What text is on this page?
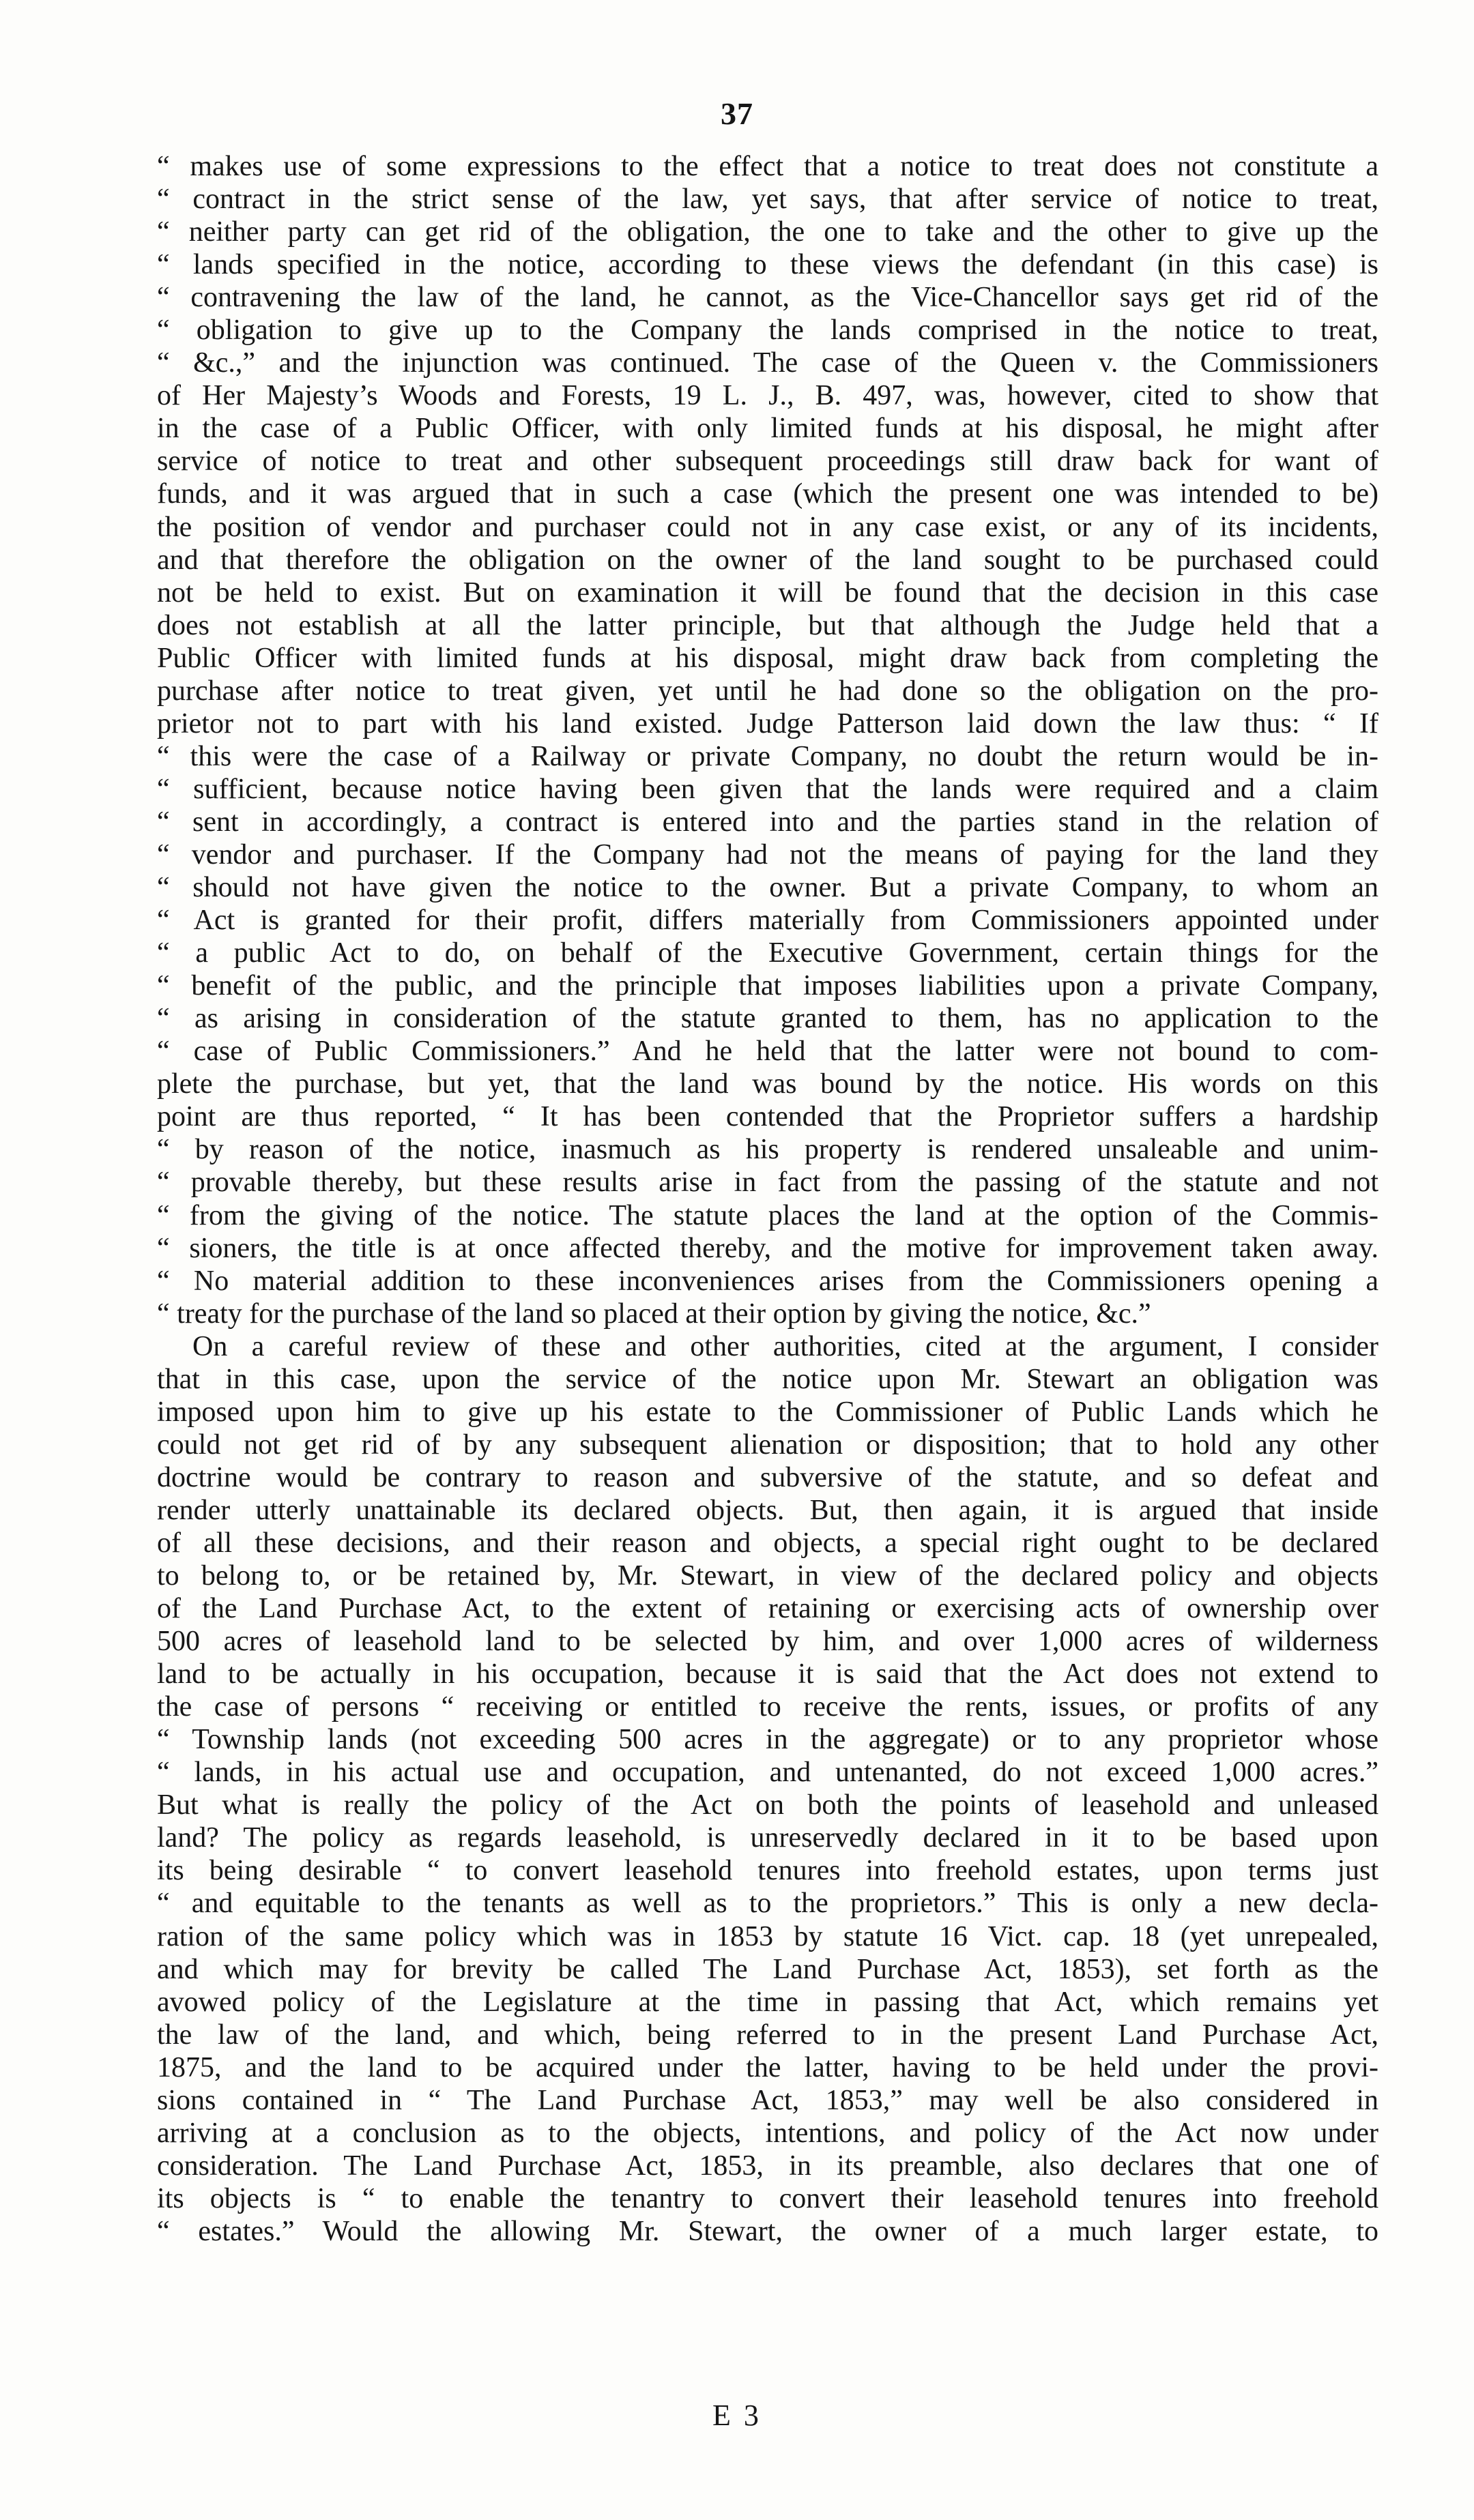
37
“ makes use of some expressions to the effect that a notice to treat does not constitute a
“ contract in the strict sense of the law, yet says, that after service of notice to treat,
“ neither party can get rid of the obligation, the one to take and the other to give up the
“ lands specified in the notice, according to these views the defendant (in this case) is
“ contravening the law of the land, he cannot, as the Vice-Chancellor says get rid of the
“ obligation to give up to the Company the lands comprised in the notice to treat,
“ &c.,” and the injunction was continued. The case of the Queen v. the Commissioners
of Her Majesty’s Woods and Forests, 19 L. J., B. 497, was, however, cited to show that
in the case of a Public Officer, with only limited funds at his disposal, he might after
service of notice to treat and other subsequent proceedings still draw back for want of
funds, and it was argued that in such a case (which the present one was intended to be)
the position of vendor and purchaser could not in any case exist, or any of its incidents,
and that therefore the obligation on the owner of the land sought to be purchased could
not be held to exist. But on examination it will be found that the decision in this case
does not establish at all the latter principle, but that although the Judge held that a
Public Officer with limited funds at his disposal, might draw back from completing the
purchase after notice to treat given, yet until he had done so the obligation on the pro-
prietor not to part with his land existed. Judge Patterson laid down the law thus: “ If
“ this were the case of a Railway or private Company, no doubt the return would be in-
“ sufficient, because notice having been given that the lands were required and a claim
“ sent in accordingly, a contract is entered into and the parties stand in the relation of
“ vendor and purchaser. If the Company had not the means of paying for the land they
“ should not have given the notice to the owner. But a private Company, to whom an
“ Act is granted for their profit, differs materially from Commissioners appointed under
“ a public Act to do, on behalf of the Executive Government, certain things for the
“ benefit of the public, and the principle that imposes liabilities upon a private Company,
“ as arising in consideration of the statute granted to them, has no application to the
“ case of Public Commissioners.” And he held that the latter were not bound to com-
plete the purchase, but yet, that the land was bound by the notice. His words on this
point are thus reported, “ It has been contended that the Proprietor suffers a hardship
“ by reason of the notice, inasmuch as his property is rendered unsaleable and unim-
“ provable thereby, but these results arise in fact from the passing of the statute and not
“ from the giving of the notice. The statute places the land at the option of the Commis-
“ sioners, the title is at once affected thereby, and the motive for improvement taken away.
“ No material addition to these inconveniences arises from the Commissioners opening a
“ treaty for the purchase of the land so placed at their option by giving the notice, &c.”
On a careful review of these and other authorities, cited at the argument, I consider
that in this case, upon the service of the notice upon Mr. Stewart an obligation was
imposed upon him to give up his estate to the Commissioner of Public Lands which he
could not get rid of by any subsequent alienation or disposition; that to hold any other
doctrine would be contrary to reason and subversive of the statute, and so defeat and
render utterly unattainable its declared objects. But, then again, it is argued that inside
of all these decisions, and their reason and objects, a special right ought to be declared
to belong to, or be retained by, Mr. Stewart, in view of the declared policy and objects
of the Land Purchase Act, to the extent of retaining or exercising acts of ownership over
500 acres of leasehold land to be selected by him, and over 1,000 acres of wilderness
land to be actually in his occupation, because it is said that the Act does not extend to
the case of persons “ receiving or entitled to receive the rents, issues, or profits of any
“ Township lands (not exceeding 500 acres in the aggregate) or to any proprietor whose
“ lands, in his actual use and occupation, and untenanted, do not exceed 1,000 acres.”
But what is really the policy of the Act on both the points of leasehold and unleased
land? The policy as regards leasehold, is unreservedly declared in it to be based upon
its being desirable “ to convert leasehold tenures into freehold estates, upon terms just
“ and equitable to the tenants as well as to the proprietors.” This is only a new decla-
ration of the same policy which was in 1853 by statute 16 Vict. cap. 18 (yet unrepealed,
and which may for brevity be called The Land Purchase Act, 1853), set forth as the
avowed policy of the Legislature at the time in passing that Act, which remains yet
the law of the land, and which, being referred to in the present Land Purchase Act,
1875, and the land to be acquired under the latter, having to be held under the provi-
sions contained in “ The Land Purchase Act, 1853,” may well be also considered in
arriving at a conclusion as to the objects, intentions, and policy of the Act now under
consideration. The Land Purchase Act, 1853, in its preamble, also declares that one of
its objects is “ to enable the tenantry to convert their leasehold tenures into freehold
“ estates.” Would the allowing Mr. Stewart, the owner of a much larger estate, to
E 3
